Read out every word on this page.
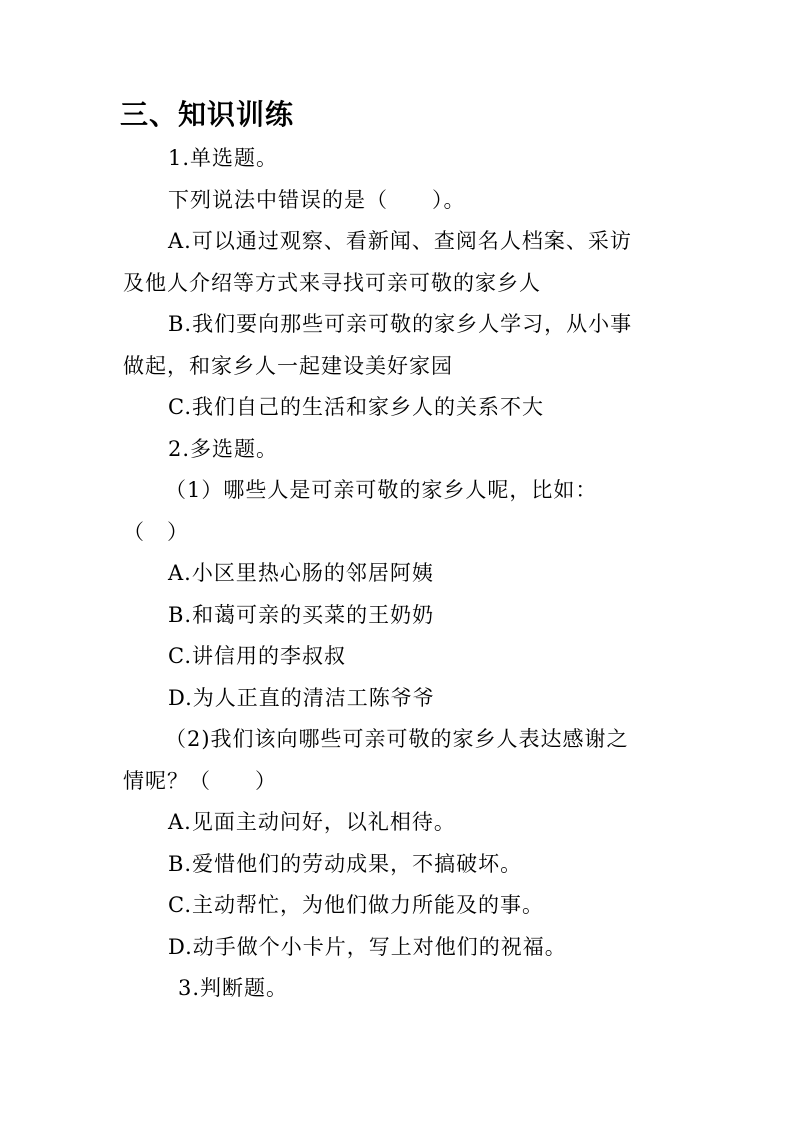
三、知识训练
1.单选题。
下列说法中错误的是（　　）。
A.可以通过观察、看新闻、查阅名人档案、采访
及他人介绍等方式来寻找可亲可敬的家乡人
B.我们要向那些可亲可敬的家乡人学习，从小事
做起，和家乡人一起建设美好家园
C.我们自己的生活和家乡人的关系不大
2.多选题。
（1）哪些人是可亲可敬的家乡人呢，比如：
（　）
A.小区里热心肠的邻居阿姨
B.和蔼可亲的买菜的王奶奶
C.讲信用的李叔叔
D.为人正直的清洁工陈爷爷
（2)我们该向哪些可亲可敬的家乡人表达感谢之
情呢？（　　）
A.见面主动问好，以礼相待。
B.爱惜他们的劳动成果，不搞破坏。
C.主动帮忙，为他们做力所能及的事。
D.动手做个小卡片，写上对他们的祝福。
3.判断题。
